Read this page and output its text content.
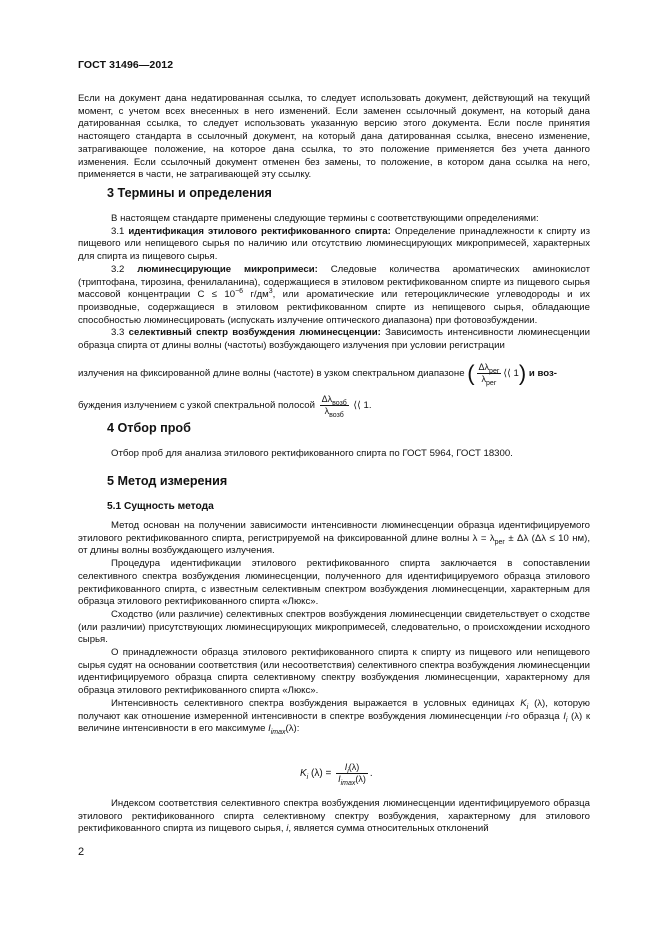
ГОСТ 31496—2012

Если на документ дана недатированная ссылка, то следует использовать документ, действующий на текущий момент, с учетом всех внесенных в него изменений. Если заменен ссылочный документ, на который дана датированная ссылка, то следует использовать указанную версию этого документа. Если после принятия настоящего стандарта в ссылочный документ, на который дана датированная ссылка, внесено изменение, затрагивающее положение, на которое дана ссылка, то это положение применяется без учета данного изменения. Если ссылочный документ отменен без замены, то положение, в котором дана ссылка на него, применяется в части, не затрагивающей эту ссылку.

3 Термины и определения

В настоящем стандарте применены следующие термины с соответствующими определениями:

3.1 идентификация этилового ректификованного спирта: Определение принадлежности к спирту из пищевого или непищевого сырья по наличию или отсутствию люминесцирующих микропримесей, характерных для спирта из пищевого сырья.

3.2 люминесцирующие микропримеси: Следовые количества ароматических аминокислот (триптофана, тирозина, фенилаланина), содержащиеся в этиловом ректификованном спирте из пищевого сырья массовой концентрации $С \le 10^{-6}$ $г/дм^3$, или ароматические или гетероциклические углеводороды и их производные, содержащиеся в этиловом ректификованном спирте из непищевого сырья, обладающие способностью люминесцировать (испускать излучение оптического диапазона) при фотовозбуждении.

3.3 селективный спектр возбуждения люминесценции: Зависимость интенсивности люминесценции образца спирта от длины волны (частоты) возбуждающего излучения при условии регистрации

излучения на фиксированной длине волны (частоте) в узком спектральном диапазоне ( $\frac{\Delta\lambda_{рег}}{\lambda_{рег}}$ ⟨⟨ 1) и воз-
буждения излучением с узкой спектральной полосой $\frac{\Delta\lambda_{возб}}{\lambda_{возб}}$ ⟨⟨ 1.
4 Отбор проб

Отбор проб для анализа этилового ректификованного спирта по ГОСТ 5964, ГОСТ 18300.

5 Метод измерения
5.1 Сущность метода

Метод основан на получении зависимости интенсивности люминесценции образца идентифицируемого этилового ректификованного спирта, регистрируемой на фиксированной длине волны $\lambda = \lambda_{рег} \pm \Delta\lambda$ (Δλ ≤ 10 нм), от длины волны возбуждающего излучения.

Процедура идентификации этилового ректификованного спирта заключается в сопоставлении селективного спектра возбуждения люминесценции, полученного для идентифицируемого образца этилового ректификованного спирта, с известным селективным спектром возбуждения люминесценции, характерным для образца этилового ректификованного спирта «Люкс».

Сходство (или различие) селективных спектров возбуждения люминесценции свидетельствует о сходстве (или различии) присутствующих люминесцирующих микропримесей, следовательно, о происхождении исходного сырья.

О принадлежности образца этилового ректификованного спирта к спирту из пищевого или непищевого сырья судят на основании соответствия (или несоответствия) селективного спектра возбуждения люминесценции идентифицируемого образца спирта селективному спектру возбуждения люминесценции, характерному для образца этилового ректификованного спирта «Люкс».

Интенсивность селективного спектра возбуждения выражается в условных единицах $K_i$ (λ), которую получают как отношение измеренной интенсивности в спектре возбуждения люминесценции i-го образца $I_i$ (λ) к величине интенсивности в его максимуме $I_{imax}(\lambda)$:

$K_i$ $(\lambda) = \frac{I_i(\lambda)}{I_{imax}(\lambda)}$ .

Индексом соответствия селективного спектра возбуждения люминесценции идентифицируемого образца этилового ректификованного спирта селективному спектру возбуждения, характерному для этилового ректификованного спирта из пищевого сырья, i, является сумма относительных отклонений

2
